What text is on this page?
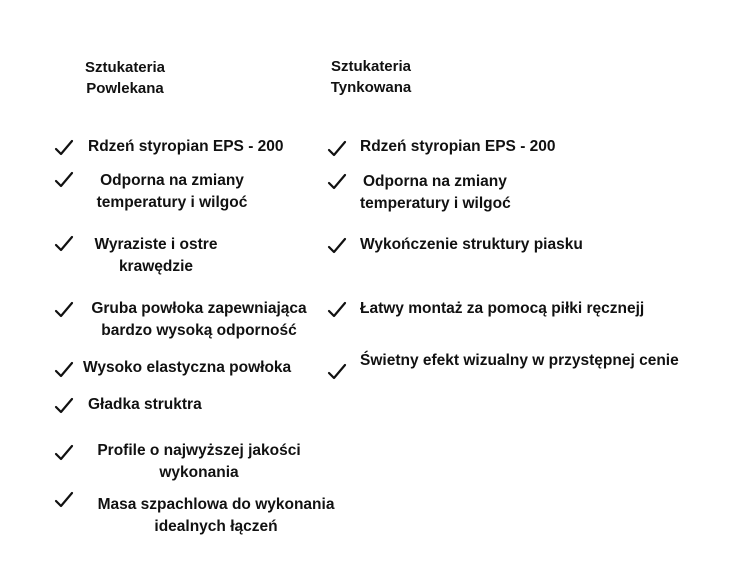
Sztukateria
Powlekana
Sztukateria
Tynkowana
Rdzeń styropian EPS - 200
Odporna na zmiany
temperatury i wilgoć
Wyraziste i ostre
krawędzie
Gruba powłoka zapewniająca
bardzo wysoką odporność
Wysoko elastyczna powłoka
Gładka struktra
Profile o najwyższej jakości
wykonania
Masa szpachlowa do wykonania
idealnych łączeń
Rdzeń styropian EPS - 200
Odporna na zmiany
temperatury i wilgoć
Wykończenie struktury piasku
Łatwy montaż za pomocą piłki ręcznejj
Świetny efekt wizualny w przystępnej cenie
